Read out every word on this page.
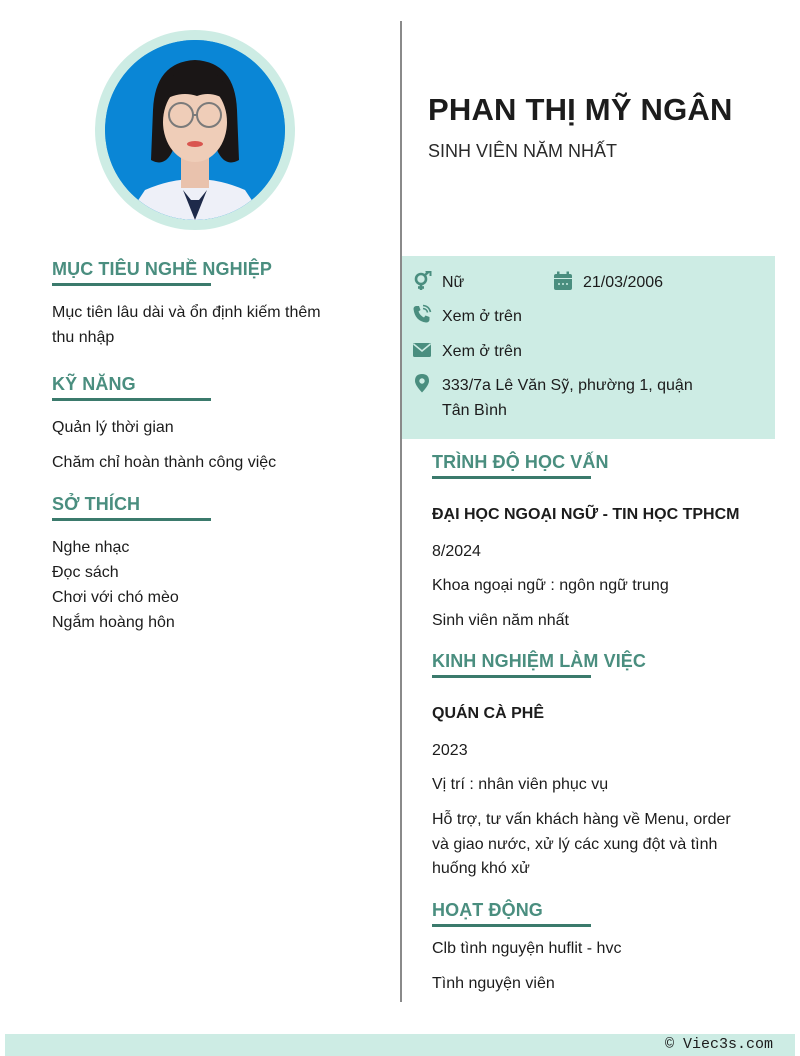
MỤC TIÊU NGHỀ NGHIỆP
Mục tiên lâu dài và ổn định kiếm thêm
thu nhập
KỸ NĂNG
Quản lý thời gian
Chăm chỉ hoàn thành công việc
SỞ THÍCH
Nghe nhạc
Đọc sách
Chơi với chó mèo
Ngắm hoàng hôn
PHAN THỊ MỸ NGÂN
SINH VIÊN NĂM NHẤT
Nữ	21/03/2006
Xem ở trên
Xem ở trên
333/7a Lê Văn Sỹ, phường 1, quận
Tân Bình
TRÌNH ĐỘ HỌC VẤN
ĐẠI HỌC NGOẠI NGỮ - TIN HỌC TPHCM
8/2024
Khoa ngoại ngữ : ngôn ngữ trung
Sinh viên năm nhất
KINH NGHIỆM LÀM VIỆC
QUÁN CÀ PHÊ
2023
Vị trí : nhân viên phục vụ
Hỗ trợ, tư vấn khách hàng về Menu, order
và giao nước, xử lý các xung đột và tình
huống khó xử
HOẠT ĐỘNG
Clb tình nguyện huflit - hvc
Tình nguyện viên
© Viec3s.com
